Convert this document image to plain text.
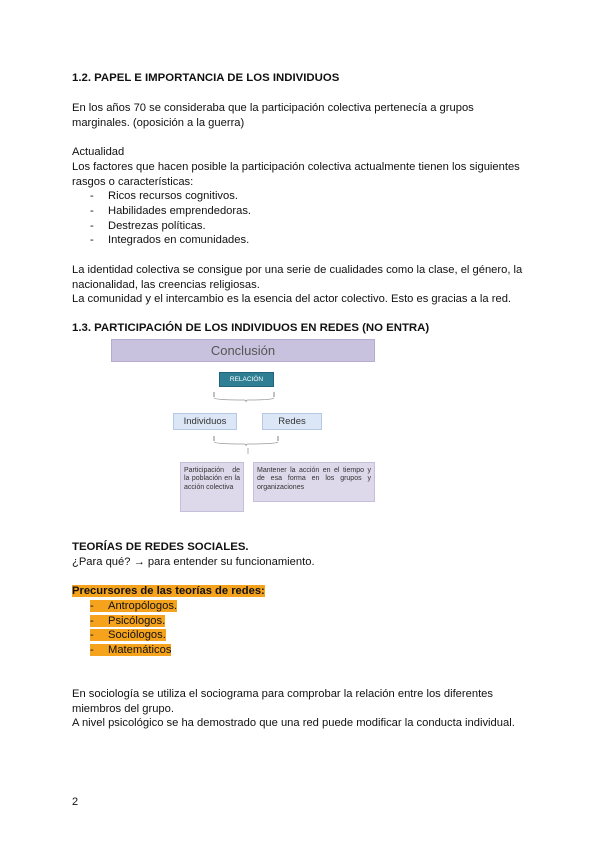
1.2. PAPEL E IMPORTANCIA DE LOS INDIVIDUOS
En los años 70 se consideraba que la participación colectiva pertenecía a grupos
marginales. (oposición a la guerra)
Actualidad
Los factores que hacen posible la participación colectiva actualmente tienen los siguientes
rasgos o características:
- Ricos recursos cognitivos.
- Habilidades emprendedoras.
- Destrezas políticas.
- Integrados en comunidades.
La identidad colectiva se consigue por una serie de cualidades como la clase, el género, la
nacionalidad, las creencias religiosas.
La comunidad y el intercambio es la esencia del actor colectivo. Esto es gracias a la red.
1.3. PARTICIPACIÓN DE LOS INDIVIDUOS EN REDES (NO ENTRA)
Conclusión
RELACIÓN
Individuos	Redes
Participación de la población en la acción colectiva
Mantener la acción en el tiempo y de esa forma en los grupos y organizaciones
TEORÍAS DE REDES SOCIALES.
¿Para qué? → para entender su funcionamiento.
Precursores de las teorías de redes:
- Antropólogos.
- Psicólogos.
- Sociólogos.
- Matemáticos
En sociología se utiliza el sociograma para comprobar la relación entre los diferentes
miembros del grupo.
A nivel psicológico se ha demostrado que una red puede modificar la conducta individual.
2
